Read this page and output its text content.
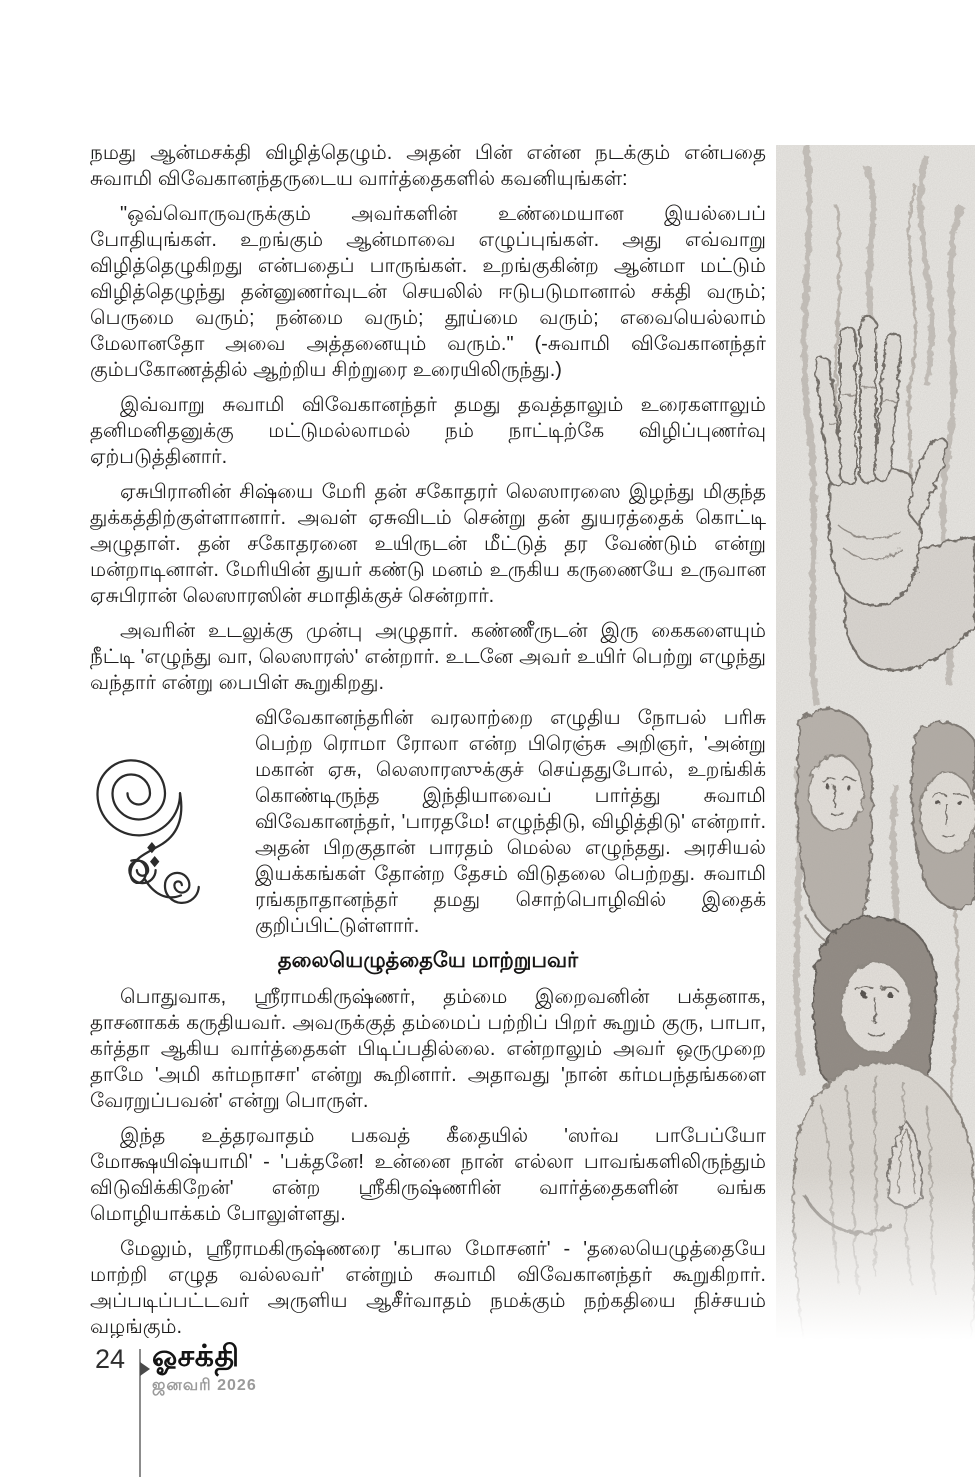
நமது ஆன்மசக்தி விழித்தெழும். அதன் பின் என்ன நடக்கும் என்பதை சுவாமி விவேகானந்தருடைய வார்த்தைகளில் கவனியுங்கள்:

"ஒவ்வொருவருக்கும் அவர்களின் உண்மையான இயல்பைப் போதியுங்கள். உறங்கும் ஆன்மாவை எழுப்புங்கள். அது எவ்வாறு விழித்தெழுகிறது என்பதைப் பாருங்கள். உறங்குகின்ற ஆன்மா மட்டும் விழித்தெழுந்து தன்னுணர்வுடன் செயலில் ஈடுபடுமானால் சக்தி வரும்; பெருமை வரும்; நன்மை வரும்; தூய்மை வரும்; எவையெல்லாம் மேலானதோ அவை அத்தனையும் வரும்." (-சுவாமி விவேகானந்தர் கும்பகோணத்தில் ஆற்றிய சிற்றுரை உரையிலிருந்து.)

இவ்வாறு சுவாமி விவேகானந்தர் தமது தவத்தாலும் உரைகளாலும் தனிமனிதனுக்கு மட்டுமல்லாமல் நம் நாட்டிற்கே விழிப்புணர்வு ஏற்படுத்தினார்.

ஏசுபிரானின் சிஷ்யை மேரி தன் சகோதரர் லெஸாரஸை இழந்து மிகுந்த துக்கத்திற்குள்ளானார். அவள் ஏசுவிடம் சென்று தன் துயரத்தைக் கொட்டி அழுதாள். தன் சகோதரனை உயிருடன் மீட்டுத் தர வேண்டும் என்று மன்றாடினாள். மேரியின் துயர் கண்டு மனம் உருகிய கருணையே உருவான ஏசுபிரான் லெஸாரஸின் சமாதிக்குச் சென்றார்.

அவரின் உடலுக்கு முன்பு அழுதார். கண்ணீருடன் இரு கைகளையும் நீட்டி 'எழுந்து வா, லெஸாரஸ்' என்றார். உடனே அவர் உயிர் பெற்று எழுந்து வந்தார் என்று பைபிள் கூறுகிறது.

விவேகானந்தரின் வரலாற்றை எழுதிய நோபல் பரிசு பெற்ற ரொமா ரோலா என்ற பிரெஞ்சு அறிஞர், 'அன்று மகான் ஏசு, லெஸாரஸுக்குச் செய்ததுபோல், உறங்கிக் கொண்டிருந்த இந்தியாவைப் பார்த்து சுவாமி விவேகானந்தர், 'பாரதமே! எழுந்திடு, விழித்திடு' என்றார். அதன் பிறகுதான் பாரதம் மெல்ல எழுந்தது. அரசியல் இயக்கங்கள் தோன்ற தேசம் விடுதலை பெற்றது. சுவாமி ரங்கநாதானந்தர் தமது சொற்பொழிவில் இதைக் குறிப்பிட்டுள்ளார்.

தலையெழுத்தையே மாற்றுபவர்

பொதுவாக, ஸ்ரீராமகிருஷ்ணர், தம்மை இறைவனின் பக்தனாக, தாசனாகக் கருதியவர். அவருக்குத் தம்மைப் பற்றிப் பிறர் கூறும் குரு, பாபா, கர்த்தா ஆகிய வார்த்தைகள் பிடிப்பதில்லை. என்றாலும் அவர் ஒருமுறை தாமே 'அமி கர்மநாசா' என்று கூறினார். அதாவது 'நான் கர்மபந்தங்களை வேரறுப்பவன்' என்று பொருள்.

இந்த உத்தரவாதம் பகவத் கீதையில் 'ஸர்வ பாபேப்யோ மோக்ஷயிஷ்யாமி' - 'பக்தனே! உன்னை நான் எல்லா பாவங்களிலிருந்தும் விடுவிக்கிறேன்' என்ற ஸ்ரீகிருஷ்ணரின் வார்த்தைகளின் வங்க மொழியாக்கம் போலுள்ளது.

மேலும், ஸ்ரீராமகிருஷ்ணரை 'கபால மோசனர்' - 'தலையெழுத்தையே மாற்றி எழுத வல்லவர்' என்றும் சுவாமி விவேகானந்தர் கூறுகிறார். அப்படிப்பட்டவர் அருளிய ஆசீர்வாதம் நமக்கும் நற்கதியை நிச்சயம் வழங்கும்.

24 ஓசக்தி
ஜனவரி 2026
